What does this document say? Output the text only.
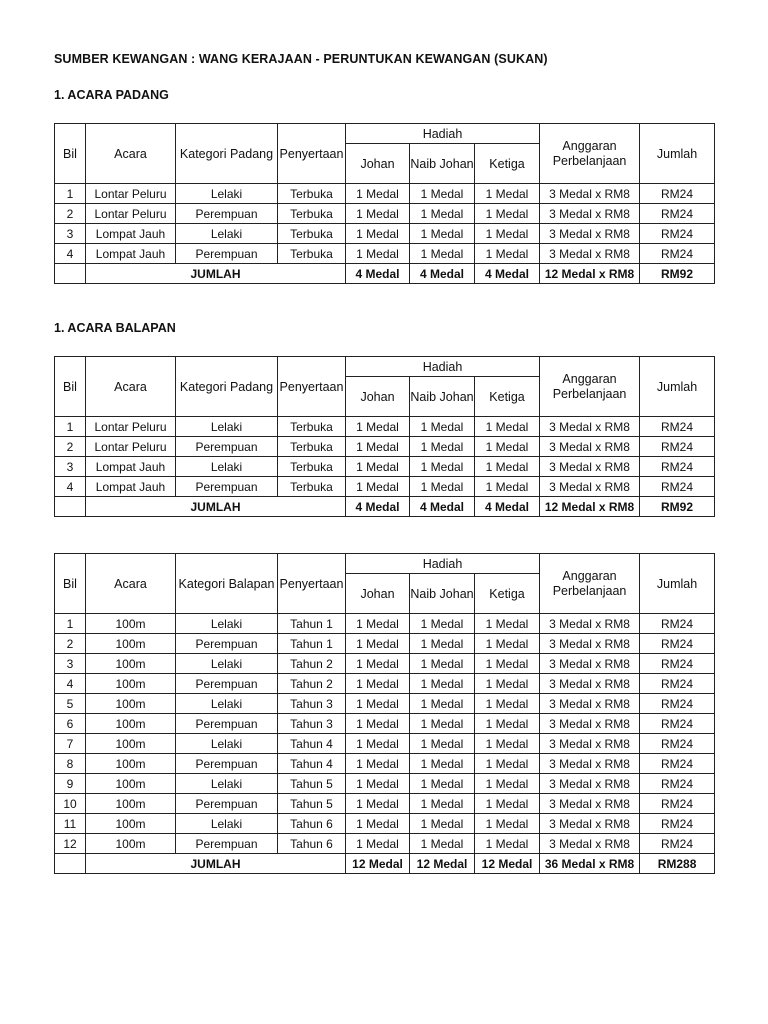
SUMBER KEWANGAN : WANG KERAJAAN - PERUNTUKAN KEWANGAN (SUKAN)
1. ACARA PADANG
Bil	Acara	Kategori Padang	Penyertaan	Hadiah			Anggaran Perbelanjaan	Jumlah
				Johan	Naib Johan	Ketiga		
1	Lontar Peluru	Lelaki	Terbuka	1 Medal	1 Medal	1 Medal	3 Medal x RM8	RM24
2	Lontar Peluru	Perempuan	Terbuka	1 Medal	1 Medal	1 Medal	3 Medal x RM8	RM24
3	Lompat Jauh	Lelaki	Terbuka	1 Medal	1 Medal	1 Medal	3 Medal x RM8	RM24
4	Lompat Jauh	Perempuan	Terbuka	1 Medal	1 Medal	1 Medal	3 Medal x RM8	RM24
	JUMLAH			4 Medal	4 Medal	4 Medal	12 Medal x RM8	RM92
1. ACARA BALAPAN
Bil	Acara	Kategori Padang	Penyertaan	Hadiah			Anggaran Perbelanjaan	Jumlah
				Johan	Naib Johan	Ketiga		
1	Lontar Peluru	Lelaki	Terbuka	1 Medal	1 Medal	1 Medal	3 Medal x RM8	RM24
2	Lontar Peluru	Perempuan	Terbuka	1 Medal	1 Medal	1 Medal	3 Medal x RM8	RM24
3	Lompat Jauh	Lelaki	Terbuka	1 Medal	1 Medal	1 Medal	3 Medal x RM8	RM24
4	Lompat Jauh	Perempuan	Terbuka	1 Medal	1 Medal	1 Medal	3 Medal x RM8	RM24
	JUMLAH			4 Medal	4 Medal	4 Medal	12 Medal x RM8	RM92
Bil	Acara	Kategori Balapan	Penyertaan	Hadiah			Anggaran Perbelanjaan	Jumlah
				Johan	Naib Johan	Ketiga		
1	100m	Lelaki	Tahun 1	1 Medal	1 Medal	1 Medal	3 Medal x RM8	RM24
2	100m	Perempuan	Tahun 1	1 Medal	1 Medal	1 Medal	3 Medal x RM8	RM24
3	100m	Lelaki	Tahun 2	1 Medal	1 Medal	1 Medal	3 Medal x RM8	RM24
4	100m	Perempuan	Tahun 2	1 Medal	1 Medal	1 Medal	3 Medal x RM8	RM24
5	100m	Lelaki	Tahun 3	1 Medal	1 Medal	1 Medal	3 Medal x RM8	RM24
6	100m	Perempuan	Tahun 3	1 Medal	1 Medal	1 Medal	3 Medal x RM8	RM24
7	100m	Lelaki	Tahun 4	1 Medal	1 Medal	1 Medal	3 Medal x RM8	RM24
8	100m	Perempuan	Tahun 4	1 Medal	1 Medal	1 Medal	3 Medal x RM8	RM24
9	100m	Lelaki	Tahun 5	1 Medal	1 Medal	1 Medal	3 Medal x RM8	RM24
10	100m	Perempuan	Tahun 5	1 Medal	1 Medal	1 Medal	3 Medal x RM8	RM24
11	100m	Lelaki	Tahun 6	1 Medal	1 Medal	1 Medal	3 Medal x RM8	RM24
12	100m	Perempuan	Tahun 6	1 Medal	1 Medal	1 Medal	3 Medal x RM8	RM24
	JUMLAH			12 Medal	12 Medal	12 Medal	36 Medal x RM8	RM288
